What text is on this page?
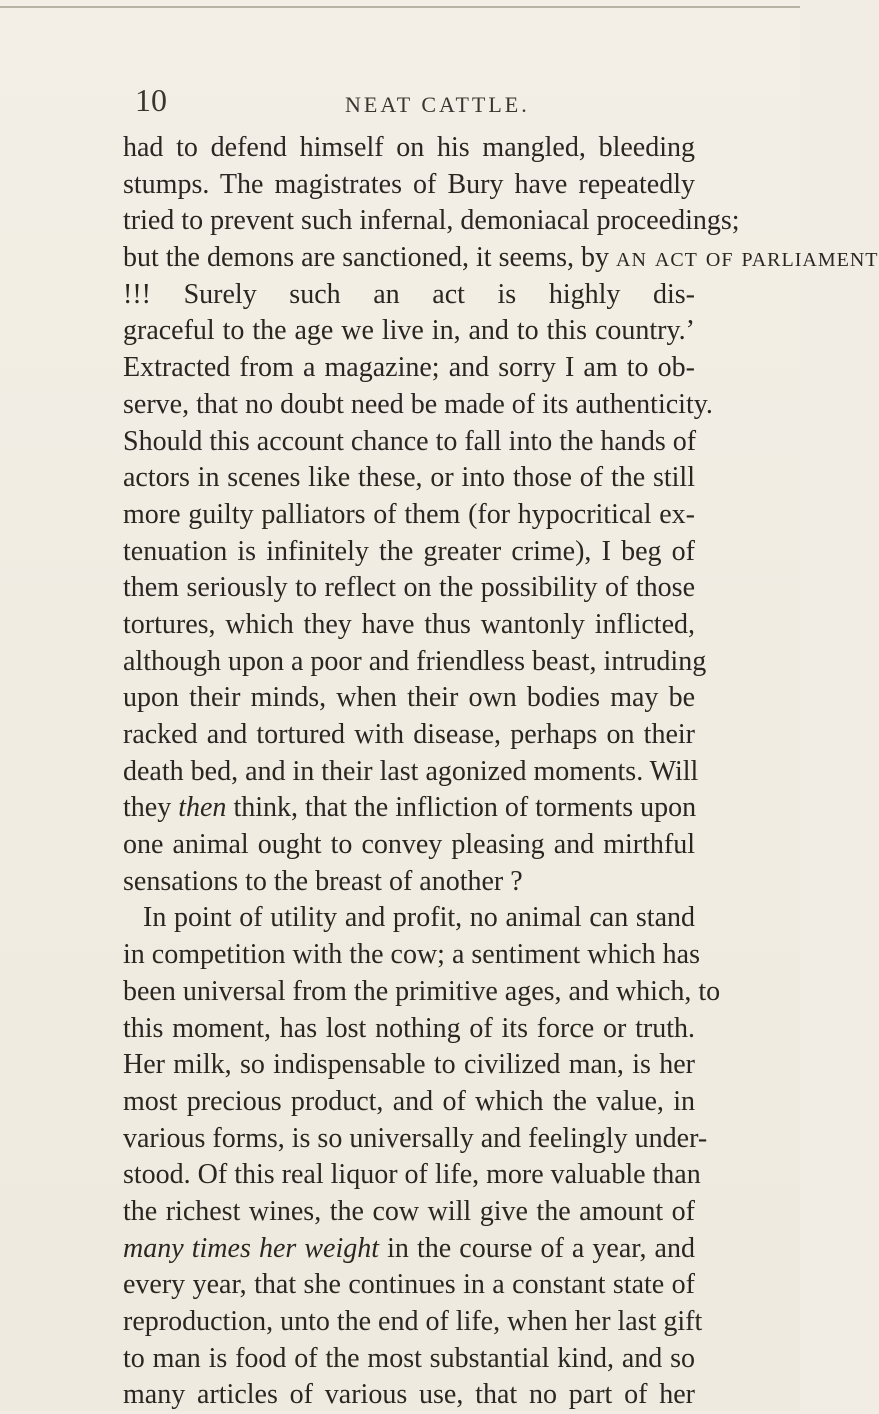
10	NEAT CATTLE.
had to defend himself on his mangled, bleeding
stumps. The magistrates of Bury have repeatedly
tried to prevent such infernal, demoniacal proceedings;
but the demons are sanctioned, it seems, by an act of parliament
!!! Surely such an act is highly dis-
graceful to the age we live in, and to this country.’
Extracted from a magazine; and sorry I am to ob-
serve, that no doubt need be made of its authenticity.
Should this account chance to fall into the hands of
actors in scenes like these, or into those of the still
more guilty palliators of them (for hypocritical ex-
tenuation is infinitely the greater crime), I beg of
them seriously to reflect on the possibility of those
tortures, which they have thus wantonly inflicted,
although upon a poor and friendless beast, intruding
upon their minds, when their own bodies may be
racked and tortured with disease, perhaps on their
death bed, and in their last agonized moments. Will
they then think, that the infliction of torments upon
one animal ought to convey pleasing and mirthful
sensations to the breast of another ?
In point of utility and profit, no animal can stand
in competition with the cow; a sentiment which has
been universal from the primitive ages, and which, to
this moment, has lost nothing of its force or truth.
Her milk, so indispensable to civilized man, is her
most precious product, and of which the value, in
various forms, is so universally and feelingly under-
stood. Of this real liquor of life, more valuable than
the richest wines, the cow will give the amount of
many times her weight in the course of a year, and
every year, that she continues in a constant state of
reproduction, unto the end of life, when her last gift
to man is food of the most substantial kind, and so
many articles of various use, that no part of her
